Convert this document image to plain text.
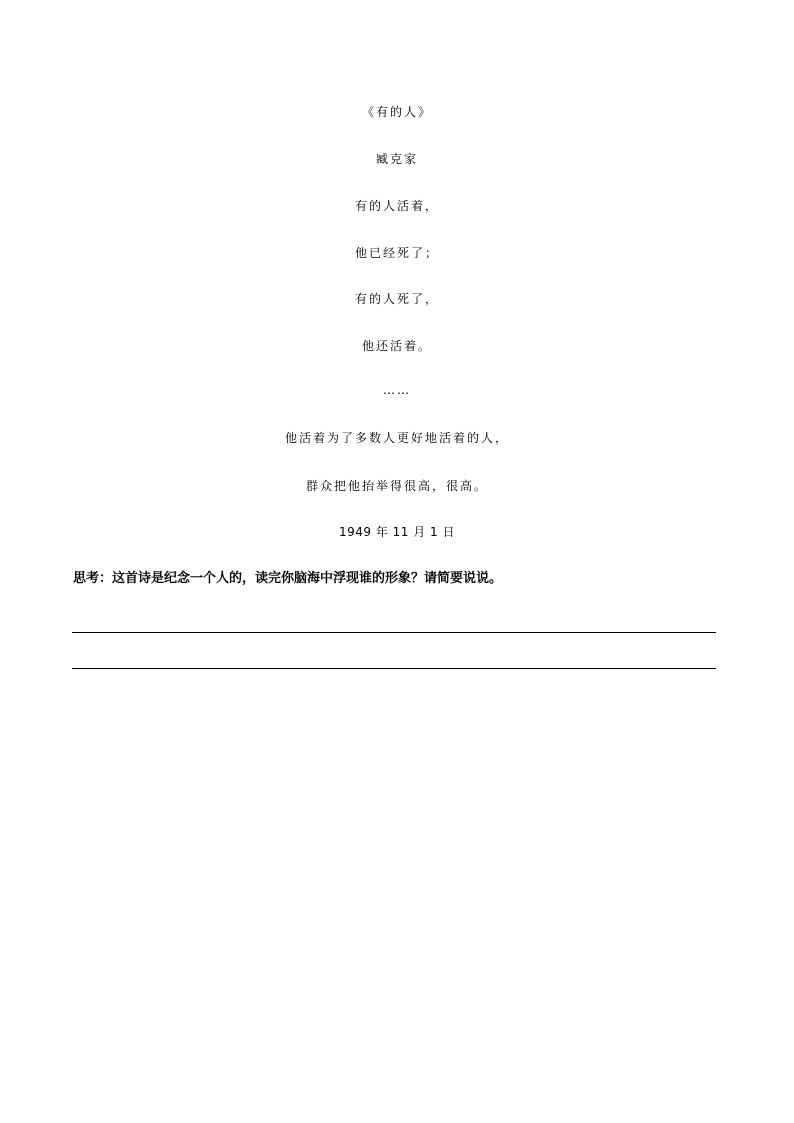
《有的人》
臧克家
有的人活着，
他已经死了；
有的人死了，
他还活着。
……
他活着为了多数人更好地活着的人，
群众把他抬举得很高，很高。
1949 年 11 月 1 日
思考：这首诗是纪念一个人的，读完你脑海中浮现谁的形象？请简要说说。
